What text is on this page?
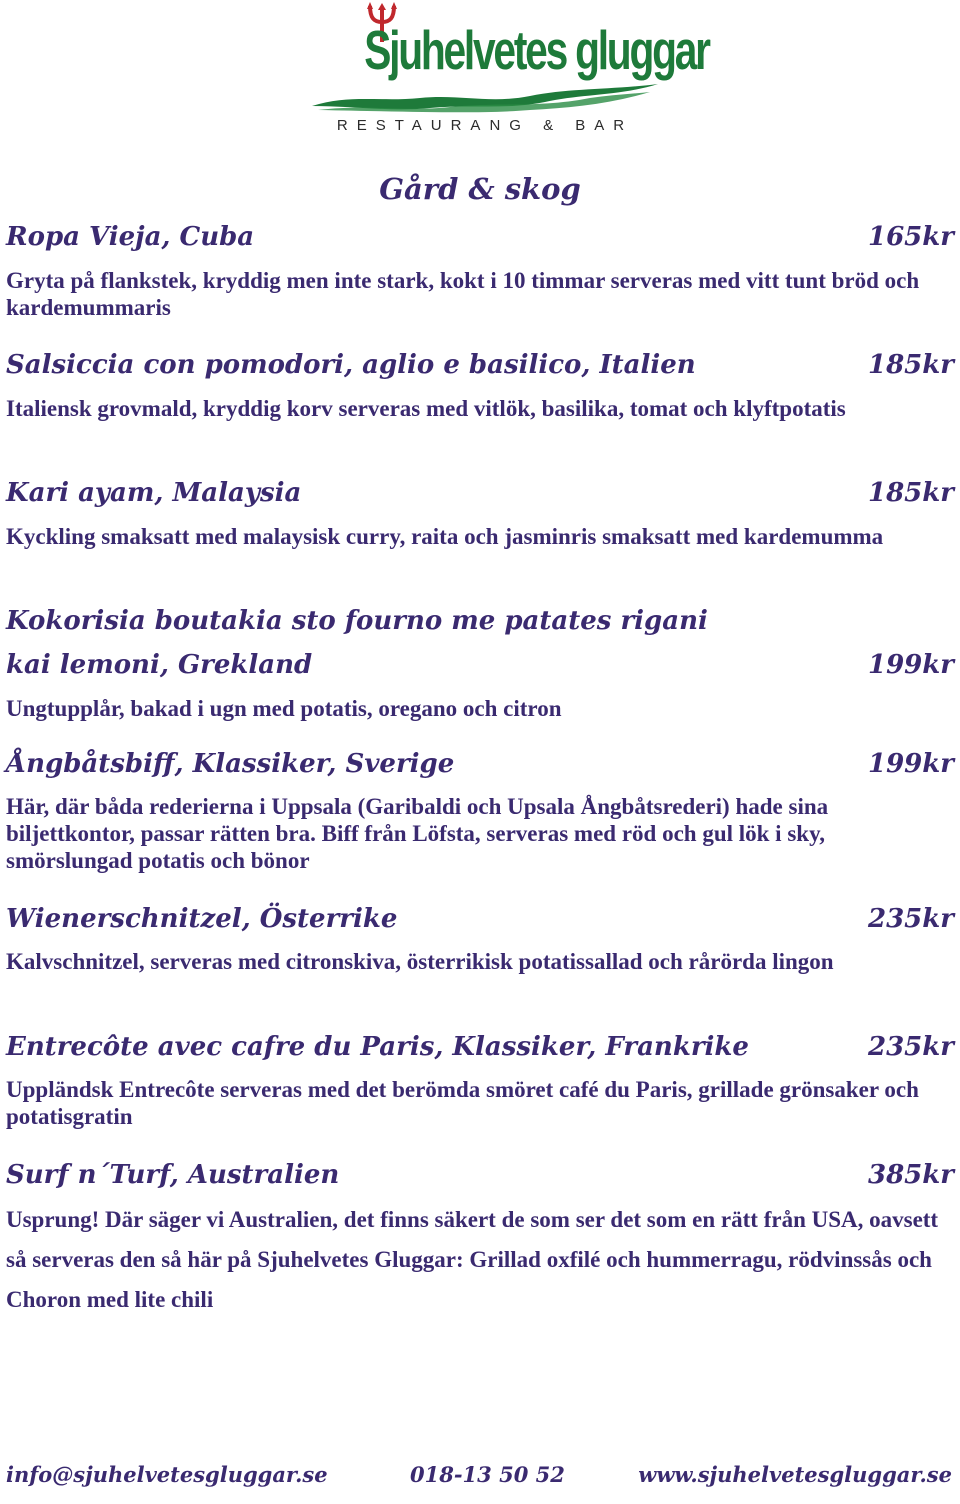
Sjuhelvetes gluggar
RESTAURANG & BAR
Gård & skog
Ropa Vieja, Cuba	165kr
Gryta på flankstek, kryddig men inte stark, kokt i 10 timmar serveras med vitt tunt bröd och kardemummaris
Salsiccia con pomodori, aglio e basilico, Italien	185kr
Italiensk grovmald, kryddig korv serveras med vitlök, basilika, tomat och klyftpotatis
Kari ayam, Malaysia	185kr
Kyckling smaksatt med malaysisk curry, raita och jasminris smaksatt med kardemumma
Kokorisia boutakia sto fourno me patates rigani
kai lemoni, Grekland	199kr
Ungtupplår, bakad i ugn med potatis, oregano och citron
Ångbåtsbiff, Klassiker, Sverige	199kr
Här, där båda rederierna i Uppsala (Garibaldi och Upsala Ångbåtsrederi) hade sina biljettkontor, passar rätten bra. Biff från Löfsta, serveras med röd och gul lök i sky, smörslungad potatis och bönor
Wienerschnitzel, Österrike	235kr
Kalvschnitzel, serveras med citronskiva, österrikisk potatissallad och rårörda lingon
Entrecôte avec cafre du Paris, Klassiker, Frankrike	235kr
Uppländsk Entrecôte serveras med det berömda smöret café du Paris, grillade grönsaker och potatisgratin
Surf n´Turf, Australien	385kr
Usprung! Där säger vi Australien, det finns säkert de som ser det som en rätt från USA, oavsett så serveras den så här på Sjuhelvetes Gluggar: Grillad oxfilé och hummerragu, rödvinssås och Choron med lite chili
info@sjuhelvetesgluggar.se	018-13 50 52	www.sjuhelvetesgluggar.se
